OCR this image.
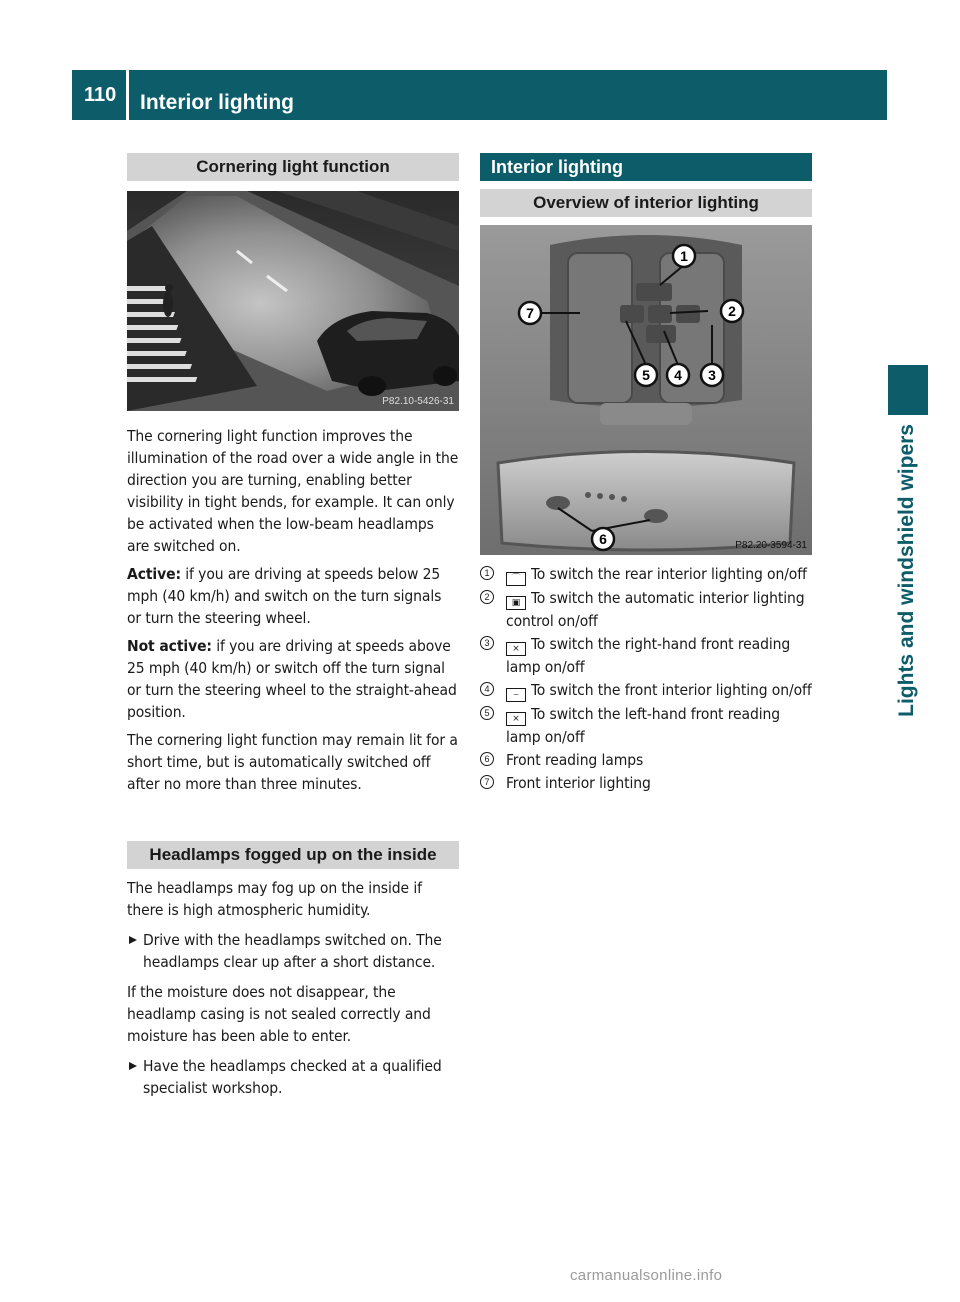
110	Interior lighting
Lights and windshield wipers
Cornering light function
P82.10-5426-31

The cornering light function improves the illumination of the road over a wide angle in the direction you are turning, enabling better visibility in tight bends, for example. It can only be activated when the low-beam headlamps are switched on.

Active: if you are driving at speeds below 25 mph (40 km/h) and switch on the turn signals or turn the steering wheel.

Not active: if you are driving at speeds above 25 mph (40 km/h) or switch off the turn signal or turn the steering wheel to the straight-ahead position.

The cornering light function may remain lit for a short time, but is automatically switched off after no more than three minutes.

Headlamps fogged up on the inside

The headlamps may fog up on the inside if there is high atmospheric humidity.

Drive with the headlamps switched on. The headlamps clear up after a short distance.

If the moisture does not disappear, the headlamp casing is not sealed correctly and moisture has been able to enter.

Have the headlamps checked at a qualified specialist workshop.
Interior lighting
Overview of interior lighting
1
2
3
4
5
6
7
P82.20-3594-31
1
⌒ To switch the rear interior lighting on/off
2
▣ To switch the automatic interior lighting control on/off
3
⨯ To switch the right-hand front reading lamp on/off
4
⌣ To switch the front interior lighting on/off
5
⨯ To switch the left-hand front reading lamp on/off
6 Front reading lamps
7 Front interior lighting
carmanualsonline.info
